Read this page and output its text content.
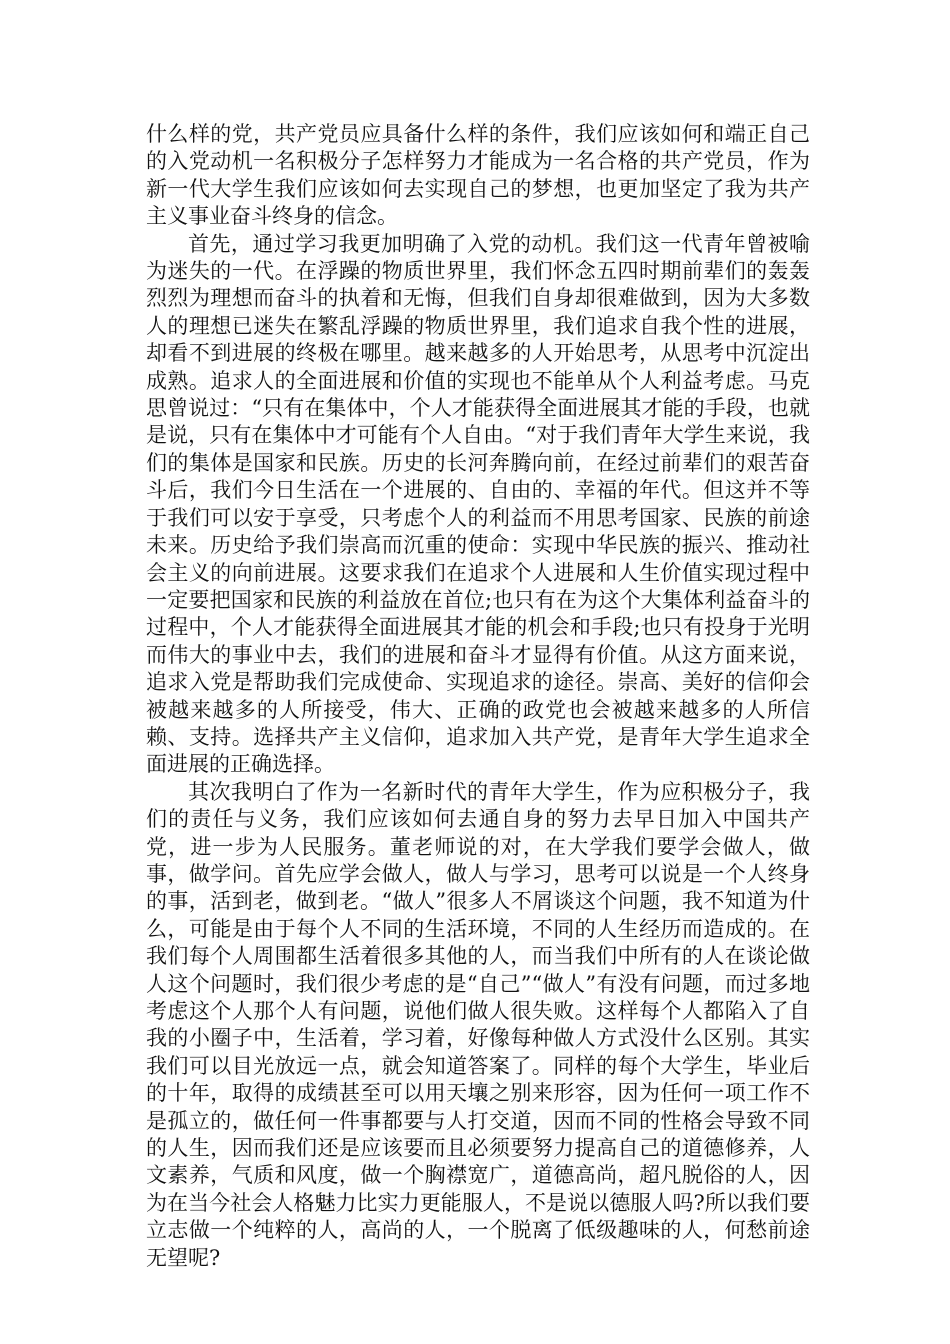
什么样的党，共产党员应具备什么样的条件，我们应该如何和端正自己的入党动机一名积极分子怎样努力才能成为一名合格的共产党员，作为新一代大学生我们应该如何去实现自己的梦想，也更加坚定了我为共产主义事业奋斗终身的信念。

首先，通过学习我更加明确了入党的动机。我们这一代青年曾被喻为迷失的一代。在浮躁的物质世界里，我们怀念五四时期前辈们的轰轰烈烈为理想而奋斗的执着和无悔，但我们自身却很难做到，因为大多数人的理想已迷失在繁乱浮躁的物质世界里，我们追求自我个性的进展，却看不到进展的终极在哪里。越来越多的人开始思考，从思考中沉淀出成熟。追求人的全面进展和价值的实现也不能单从个人利益考虑。马克思曾说过：“只有在集体中，个人才能获得全面进展其才能的手段，也就是说，只有在集体中才可能有个人自由。“对于我们青年大学生来说，我们的集体是国家和民族。历史的长河奔腾向前，在经过前辈们的艰苦奋斗后，我们今日生活在一个进展的、自由的、幸福的年代。但这并不等于我们可以安于享受，只考虑个人的利益而不用思考国家、民族的前途未来。历史给予我们崇高而沉重的使命：实现中华民族的振兴、推动社会主义的向前进展。这要求我们在追求个人进展和人生价值实现过程中一定要把国家和民族的利益放在首位;也只有在为这个大集体利益奋斗的过程中，个人才能获得全面进展其才能的机会和手段;也只有投身于光明而伟大的事业中去，我们的进展和奋斗才显得有价值。从这方面来说，追求入党是帮助我们完成使命、实现追求的途径。崇高、美好的信仰会被越来越多的人所接受，伟大、正确的政党也会被越来越多的人所信赖、支持。选择共产主义信仰，追求加入共产党，是青年大学生追求全面进展的正确选择。

其次我明白了作为一名新时代的青年大学生，作为应积极分子，我们的责任与义务，我们应该如何去通自身的努力去早日加入中国共产党，进一步为人民服务。董老师说的对，在大学我们要学会做人，做事，做学问。首先应学会做人，做人与学习，思考可以说是一个人终身的事，活到老，做到老。“做人”很多人不屑谈这个问题，我不知道为什么，可能是由于每个人不同的生活环境，不同的人生经历而造成的。在我们每个人周围都生活着很多其他的人，而当我们中所有的人在谈论做人这个问题时，我们很少考虑的是“自己”“做人”有没有问题，而过多地考虑这个人那个人有问题，说他们做人很失败。这样每个人都陷入了自我的小圈子中，生活着，学习着，好像每种做人方式没什么区别。其实我们可以目光放远一点，就会知道答案了。同样的每个大学生，毕业后的十年，取得的成绩甚至可以用天壤之别来形容，因为任何一项工作不是孤立的，做任何一件事都要与人打交道，因而不同的性格会导致不同的人生，因而我们还是应该要而且必须要努力提高自己的道德修养，人文素养，气质和风度，做一个胸襟宽广，道德高尚，超凡脱俗的人，因为在当今社会人格魅力比实力更能服人，不是说以德服人吗?所以我们要立志做一个纯粹的人，高尚的人，一个脱离了低级趣味的人，何愁前途无望呢?
